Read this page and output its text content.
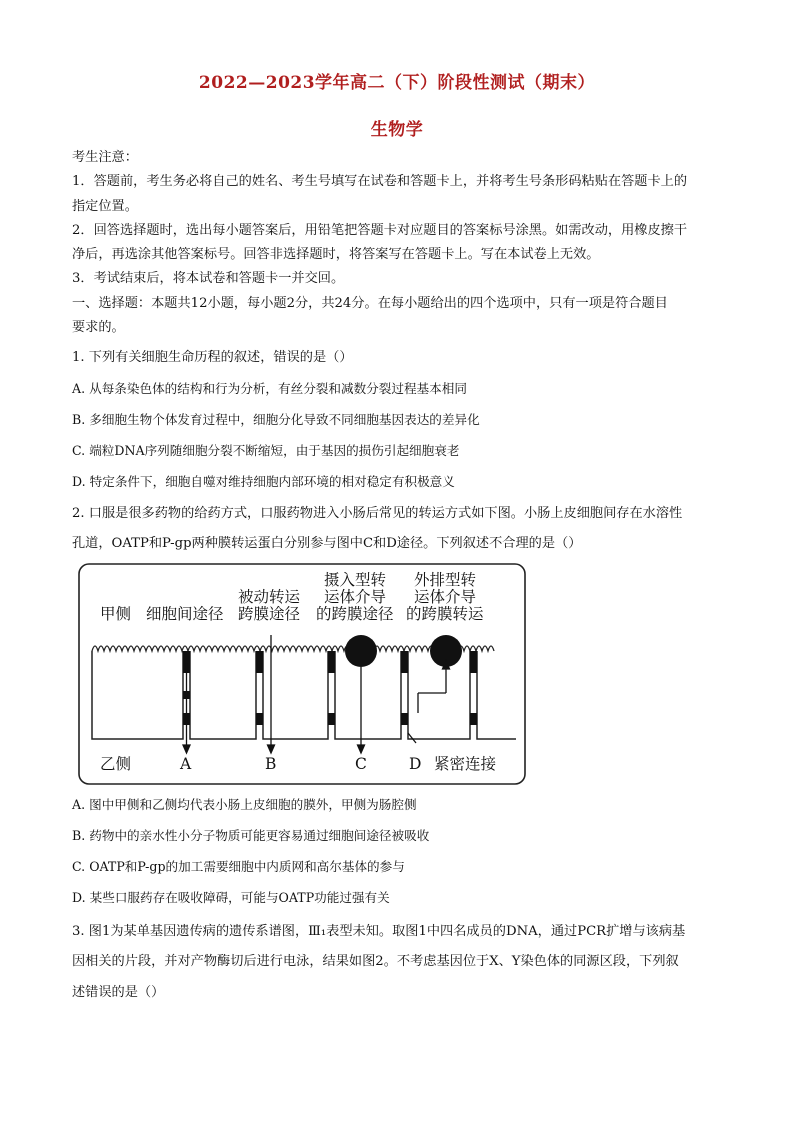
2022—2023学年高二（下）阶段性测试（期末）
生物学
考生注意：
1．答题前，考生务必将自己的姓名、考生号填写在试卷和答题卡上，并将考生号条形码粘贴在答题卡上的
指定位置。
2．回答选择题时，选出每小题答案后，用铅笔把答题卡对应题目的答案标号涂黑。如需改动，用橡皮擦干
净后，再选涂其他答案标号。回答非选择题时，将答案写在答题卡上。写在本试卷上无效。
3．考试结束后，将本试卷和答题卡一并交回。
一、选择题：本题共12小题，每小题2分，共24分。在每小题给出的四个选项中，只有一项是符合题目
要求的。
1. 下列有关细胞生命历程的叙述，错误的是（）
A. 从每条染色体的结构和行为分析，有丝分裂和减数分裂过程基本相同
B. 多细胞生物个体发育过程中，细胞分化导致不同细胞基因表达的差异化
C. 端粒DNA序列随细胞分裂不断缩短，由于基因的损伤引起细胞衰老
D. 特定条件下，细胞自噬对维持细胞内部环境的相对稳定有积极意义
2. 口服是很多药物的给药方式，口服药物进入小肠后常见的转运方式如下图。小肠上皮细胞间存在水溶性
孔道，OATP和P-gp两种膜转运蛋白分别参与图中C和D途径。下列叙述不合理的是（）
甲侧 细胞间途径
被动转运
跨膜途径
摄入型转
运体介导
的跨膜途径
外排型转
运体介导
的跨膜转运
乙侧	A	B	C	D 紧密连接
A. 图中甲侧和乙侧均代表小肠上皮细胞的膜外，甲侧为肠腔侧
B. 药物中的亲水性小分子物质可能更容易通过细胞间途径被吸收
C. OATP和P-gp的加工需要细胞中内质网和高尔基体的参与
D. 某些口服药存在吸收障碍，可能与OATP功能过强有关
3. 图1为某单基因遗传病的遗传系谱图，Ⅲ₁表型未知。取图1中四名成员的DNA，通过PCR扩增与该病基
因相关的片段，并对产物酶切后进行电泳，结果如图2。不考虑基因位于X、Y染色体的同源区段，下列叙
述错误的是（）
